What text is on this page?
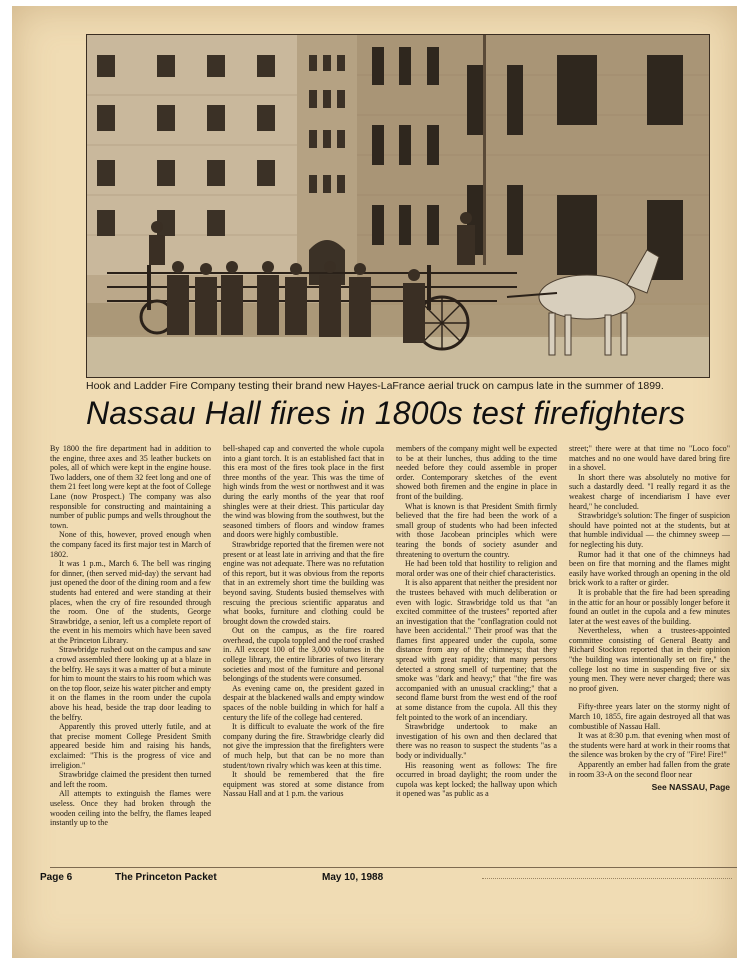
Hook and Ladder Fire Company testing their brand new Hayes-LaFrance aerial truck on campus late in the summer of 1899.
Nassau Hall fires in 1800s test firefighters

By 1800 the fire department had in addition to the engine, three axes and 35 leather buckets on poles, all of which were kept in the engine house. Two ladders, one of them 32 feet long and one of them 21 feet long were kept at the foot of College Lane (now Prospect.) The company was also responsible for constructing and maintaining a number of public pumps and wells throughout the town.

None of this, however, proved enough when the company faced its first major test in March of 1802.

It was 1 p.m., March 6. The bell was ringing for dinner, (then served mid-day) the servant had just opened the door of the dining room and a few students had entered and were standing at their places, when the cry of fire resounded through the room. One of the students, George Strawbridge, a senior, left us a complete report of the event in his memoirs which have been saved at the Princeton Library.

Strawbridge rushed out on the campus and saw a crowd assembled there looking up at a blaze in the belfry. He says it was a matter of but a minute for him to mount the stairs to his room which was on the top floor, seize his water pitcher and empty it on the flames in the room under the cupola above his head, beside the trap door leading to the belfry.

Apparently this proved utterly futile, and at that precise moment College President Smith appeared beside him and raising his hands, exclaimed: "This is the progress of vice and irreligion."

Strawbridge claimed the president then turned and left the room.

All attempts to extinguish the flames were useless. Once they had broken through the wooden ceiling into the belfry, the flames leaped instantly up to the

bell-shaped cap and converted the whole cupola into a giant torch. It is an established fact that in this era most of the fires took place in the first three months of the year. This was the time of high winds from the west or northwest and it was during the early months of the year that roof shingles were at their driest. This particular day the wind was blowing from the southwest, but the seasoned timbers of floors and window frames and doors were highly combustible.

Strawbridge reported that the firemen were not present or at least late in arriving and that the fire engine was not adequate. There was no refutation of this report, but it was obvious from the reports that in an extremely short time the building was beyond saving. Students busied themselves with rescuing the precious scientific apparatus and what books, furniture and clothing could be brought down the crowded stairs.

Out on the campus, as the fire roared overhead, the cupola toppled and the roof crashed in. All except 100 of the 3,000 volumes in the college library, the entire libraries of two literary societies and most of the furniture and personal belongings of the students were consumed.

As evening came on, the president gazed in despair at the blackened walls and empty window spaces of the noble building in which for half a century the life of the college had centered.

It is difficult to evaluate the work of the fire company during the fire. Strawbridge clearly did not give the impression that the firefighters were of much help, but that can be no more than student/town rivalry which was keen at this time.

It should be remembered that the fire equipment was stored at some distance from Nassau Hall and at 1 p.m. the various

members of the company might well be expected to be at their lunches, thus adding to the time needed before they could assemble in proper order. Contemporary sketches of the event showed both firemen and the engine in place in front of the building.

What is known is that President Smith firmly believed that the fire had been the work of a small group of students who had been infected with those Jacobean principles which were tearing the bonds of society asunder and threatening to overturn the country.

He had been told that hostility to religion and moral order was one of their chief characteristics.

It is also apparent that neither the president nor the trustees behaved with much deliberation or even with logic. Strawbridge told us that "an excited committee of the trustees" reported after an investigation that the "conflagration could not have been accidental." Their proof was that the flames first appeared under the cupola, some distance from any of the chimneys; that they spread with great rapidity; that many persons detected a strong smell of turpentine; that the smoke was "dark and heavy;" that "the fire was accompanied with an unusual crackling;" that a second flame burst from the west end of the roof at some distance from the cupola. All this they felt pointed to the work of an incendiary.

Strawbridge undertook to make an investigation of his own and then declared that there was no reason to suspect the students "as a body or individually."

His reasoning went as follows: The fire occurred in broad daylight; the room under the cupola was kept locked; the hallway upon which it opened was "as public as a

street;" there were at that time no "Loco foco" matches and no one would have dared bring fire in a shovel.

In short there was absolutely no motive for such a dastardly deed. "I really regard it as the weakest charge of incendiarism I have ever heard," he concluded.

Strawbridge's solution: The finger of suspicion should have pointed not at the students, but at that humble individual — the chimney sweep — for neglecting his duty.

Rumor had it that one of the chimneys had been on fire that morning and the flames might easily have worked through an opening in the old brick work to a rafter or girder.

It is probable that the fire had been spreading in the attic for an hour or possibly longer before it found an outlet in the cupola and a few minutes later at the west eaves of the building.

Nevertheless, when a trustees-appointed committee consisting of General Beatty and Richard Stockton reported that in their opinion "the building was intentionally set on fire," the college lost no time in suspending five or six young men. They were never charged; there was no proof given.

Fifty-three years later on the stormy night of March 10, 1855, fire again destroyed all that was combustible of Nassau Hall.

It was at 8:30 p.m. that evening when most of the students were hard at work in their rooms that the silence was broken by the cry of "Fire! Fire!"

Apparently an ember had fallen from the grate in room 33-A on the second floor near

See NASSAU, Page
Page 6	The Princeton Packet	May 10, 1988
